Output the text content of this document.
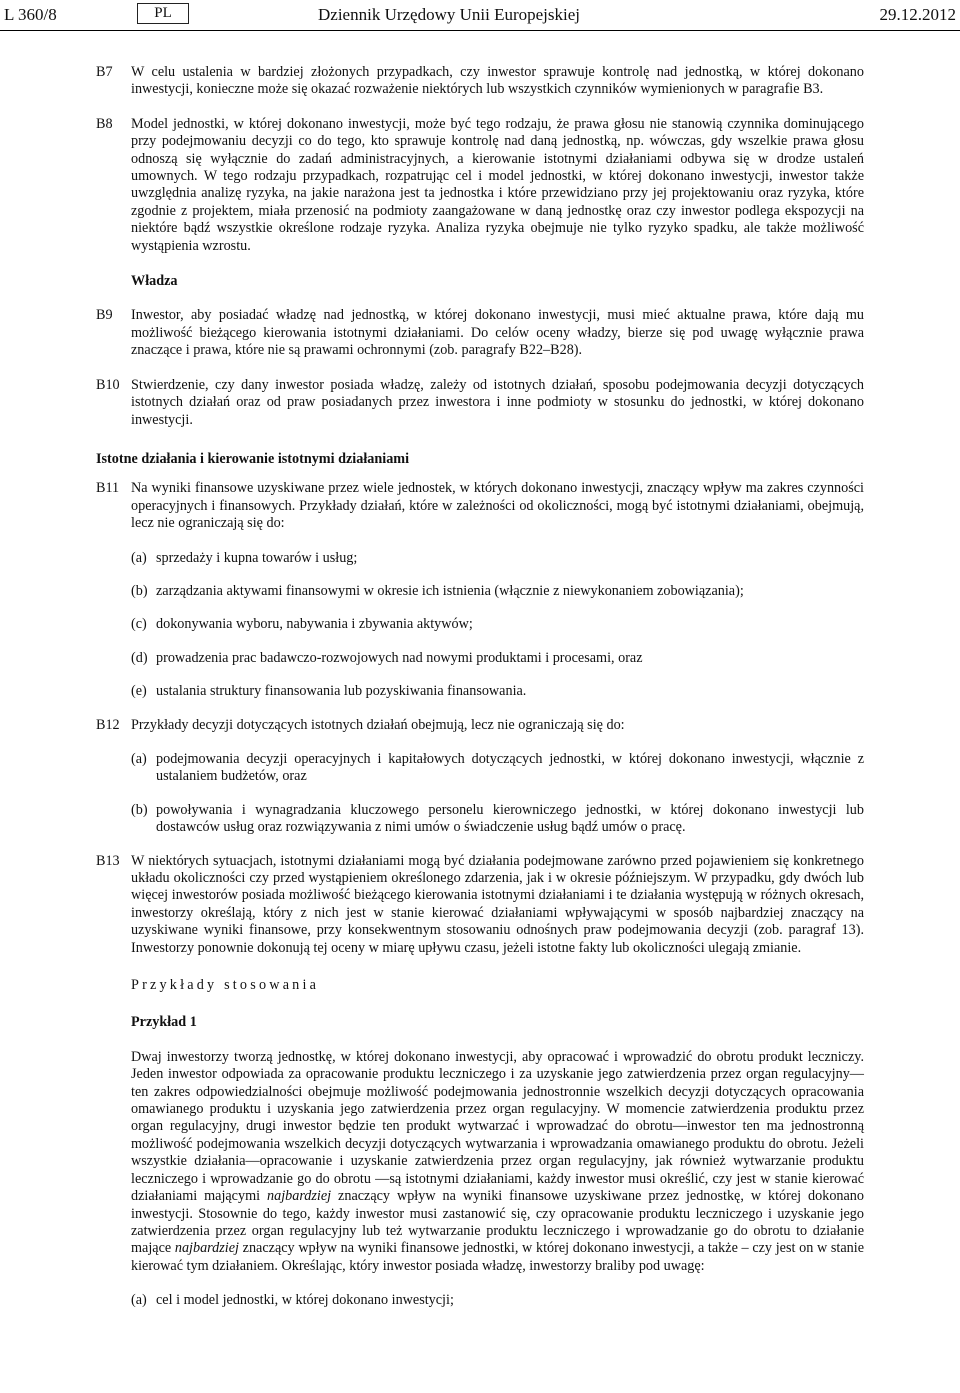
L 360/8	PL	Dziennik Urzędowy Unii Europejskiej	29.12.2012
B7 W celu ustalenia w bardziej złożonych przypadkach, czy inwestor sprawuje kontrolę nad jednostką, w której dokonano inwestycji, konieczne może się okazać rozważenie niektórych lub wszystkich czynników wymienionych w paragrafie B3.
B8 Model jednostki, w której dokonano inwestycji, może być tego rodzaju, że prawa głosu nie stanowią czynnika dominującego przy podejmowaniu decyzji co do tego, kto sprawuje kontrolę nad daną jednostką, np. wówczas, gdy wszelkie prawa głosu odnoszą się wyłącznie do zadań administracyjnych, a kierowanie istotnymi działaniami odbywa się w drodze ustaleń umownych. W tego rodzaju przypadkach, rozpatrując cel i model jednostki, w której dokonano inwestycji, inwestor także uwzględnia analizę ryzyka, na jakie narażona jest ta jednostka i które przewidziano przy jej projektowaniu oraz ryzyka, które zgodnie z projektem, miała przenosić na podmioty zaangażowane w daną jednostkę oraz czy inwestor podlega ekspozycji na niektóre bądź wszystkie określone rodzaje ryzyka. Analiza ryzyka obejmuje nie tylko ryzyko spadku, ale także możliwość wystąpienia wzrostu.
Władza
B9 Inwestor, aby posiadać władzę nad jednostką, w której dokonano inwestycji, musi mieć aktualne prawa, które dają mu możliwość bieżącego kierowania istotnymi działaniami. Do celów oceny władzy, bierze się pod uwagę wyłącznie prawa znaczące i prawa, które nie są prawami ochronnymi (zob. paragrafy B22–B28).
B10 Stwierdzenie, czy dany inwestor posiada władzę, zależy od istotnych działań, sposobu podejmowania decyzji dotyczących istotnych działań oraz od praw posiadanych przez inwestora i inne podmioty w stosunku do jednostki, w której dokonano inwestycji.
Istotne działania i kierowanie istotnymi działaniami
B11 Na wyniki finansowe uzyskiwane przez wiele jednostek, w których dokonano inwestycji, znaczący wpływ ma zakres czynności operacyjnych i finansowych. Przykłady działań, które w zależności od okoliczności, mogą być istotnymi działaniami, obejmują, lecz nie ograniczają się do:
(a) sprzedaży i kupna towarów i usług;
(b) zarządzania aktywami finansowymi w okresie ich istnienia (włącznie z niewykonaniem zobowiązania);
(c) dokonywania wyboru, nabywania i zbywania aktywów;
(d) prowadzenia prac badawczo-rozwojowych nad nowymi produktami i procesami, oraz
(e) ustalania struktury finansowania lub pozyskiwania finansowania.
B12 Przykłady decyzji dotyczących istotnych działań obejmują, lecz nie ograniczają się do:
(a) podejmowania decyzji operacyjnych i kapitałowych dotyczących jednostki, w której dokonano inwestycji, włącznie z ustalaniem budżetów, oraz
(b) powoływania i wynagradzania kluczowego personelu kierowniczego jednostki, w której dokonano inwestycji lub dostawców usług oraz rozwiązywania z nimi umów o świadczenie usług bądź umów o pracę.
B13 W niektórych sytuacjach, istotnymi działaniami mogą być działania podejmowane zarówno przed pojawieniem się konkretnego układu okoliczności czy przed wystąpieniem określonego zdarzenia, jak i w okresie późniejszym. W przypadku, gdy dwóch lub więcej inwestorów posiada możliwość bieżącego kierowania istotnymi działaniami i te działania występują w różnych okresach, inwestorzy określają, który z nich jest w stanie kierować działaniami wpływającymi w sposób najbardziej znaczący na uzyskiwane wyniki finansowe, przy konsekwentnym stosowaniu odnośnych praw podejmowania decyzji (zob. paragraf 13). Inwestorzy ponownie dokonują tej oceny w miarę upływu czasu, jeżeli istotne fakty lub okoliczności ulegają zmianie.
Przykłady stosowania
Przykład 1
Dwaj inwestorzy tworzą jednostkę, w której dokonano inwestycji, aby opracować i wprowadzić do obrotu produkt leczniczy. Jeden inwestor odpowiada za opracowanie produktu leczniczego i za uzyskanie jego zatwierdzenia przez organ regulacyjny—ten zakres odpowiedzialności obejmuje możliwość podejmowania jednostronnie wszelkich decyzji dotyczących opracowania omawianego produktu i uzyskania jego zatwierdzenia przez organ regulacyjny. W momencie zatwierdzenia produktu przez organ regulacyjny, drugi inwestor będzie ten produkt wytwarzać i wprowadzać do obrotu—inwestor ten ma jednostronną możliwość podejmowania wszelkich decyzji dotyczących wytwarzania i wprowadzania omawianego produktu do obrotu. Jeżeli wszystkie działania—opracowanie i uzyskanie zatwierdzenia przez organ regulacyjny, jak również wytwarzanie produktu leczniczego i wprowadzanie go do obrotu —są istotnymi działaniami, każdy inwestor musi określić, czy jest w stanie kierować działaniami mającymi najbardziej znaczący wpływ na wyniki finansowe uzyskiwane przez jednostkę, w której dokonano inwestycji. Stosownie do tego, każdy inwestor musi zastanowić się, czy opracowanie produktu leczniczego i uzyskanie jego zatwierdzenia przez organ regulacyjny lub też wytwarzanie produktu leczniczego i wprowadzanie go do obrotu to działanie mające najbardziej znaczący wpływ na wyniki finansowe jednostki, w której dokonano inwestycji, a także – czy jest on w stanie kierować tym działaniem. Określając, który inwestor posiada władzę, inwestorzy braliby pod uwagę:
(a) cel i model jednostki, w której dokonano inwestycji;
